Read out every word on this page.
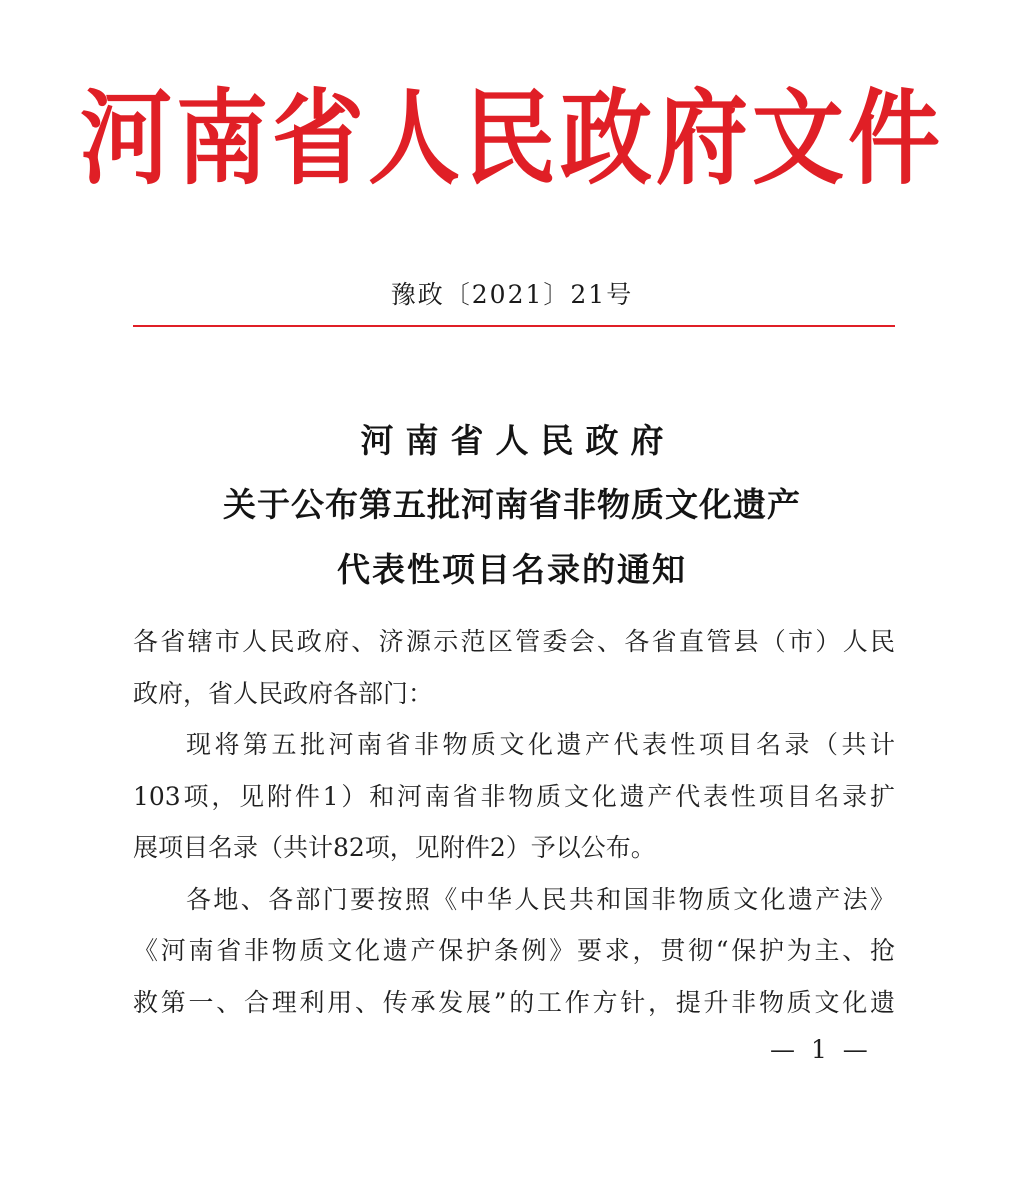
河南省人民政府文件
豫政〔2021〕21号
河南省人民政府
关于公布第五批河南省非物质文化遗产
代表性项目名录的通知
各省辖市人民政府、济源示范区管委会、各省直管县（市）人民
政府，省人民政府各部门：
现将第五批河南省非物质文化遗产代表性项目名录（共计
103项，见附件1）和河南省非物质文化遗产代表性项目名录扩
展项目名录（共计82项，见附件2）予以公布。
各地、各部门要按照《中华人民共和国非物质文化遗产法》
《河南省非物质文化遗产保护条例》要求，贯彻“保护为主、抢
救第一、合理利用、传承发展”的工作方针，提升非物质文化遗
— 1 —
